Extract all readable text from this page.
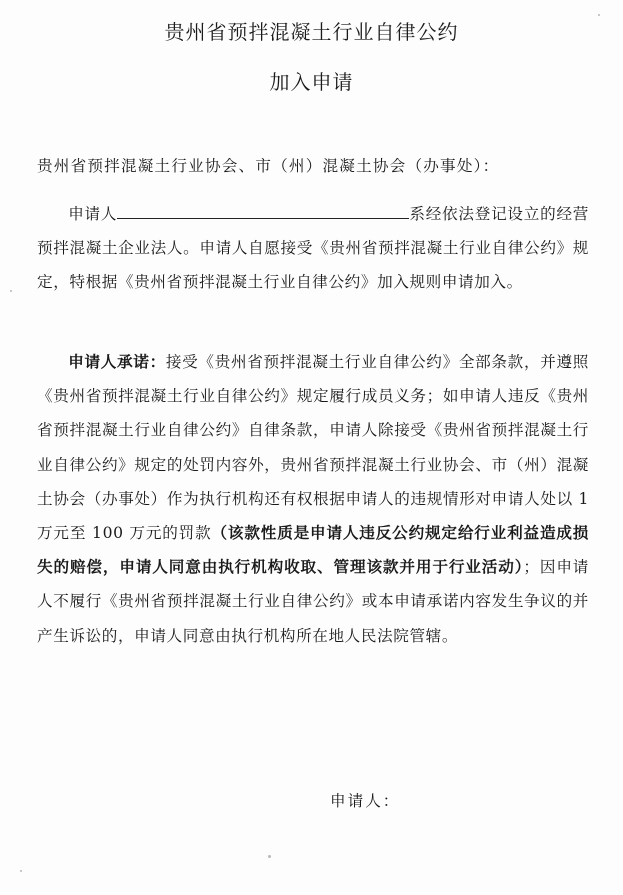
贵州省预拌混凝土行业自律公约
加入申请

贵州省预拌混凝土行业协会、市（州）混凝土协会（办事处）：

申请人	系经依法登记设立的经营预拌混凝土企业法人。申请人自愿接受《贵州省预拌混凝土行业自律公约》规定，特根据《贵州省预拌混凝土行业自律公约》加入规则申请加入。

申请人承诺：接受《贵州省预拌混凝土行业自律公约》全部条款，并遵照《贵州省预拌混凝土行业自律公约》规定履行成员义务；如申请人违反《贵州省预拌混凝土行业自律公约》自律条款，申请人除接受《贵州省预拌混凝土行业自律公约》规定的处罚内容外，贵州省预拌混凝土行业协会、市（州）混凝土协会（办事处）作为执行机构还有权根据申请人的违规情形对申请人处以 1 万元至 100 万元的罚款（该款性质是申请人违反公约规定给行业利益造成损失的赔偿，申请人同意由执行机构收取、管理该款并用于行业活动）；因申请人不履行《贵州省预拌混凝土行业自律公约》或本申请承诺内容发生争议的并产生诉讼的，申请人同意由执行机构所在地人民法院管辖。

申请人：
